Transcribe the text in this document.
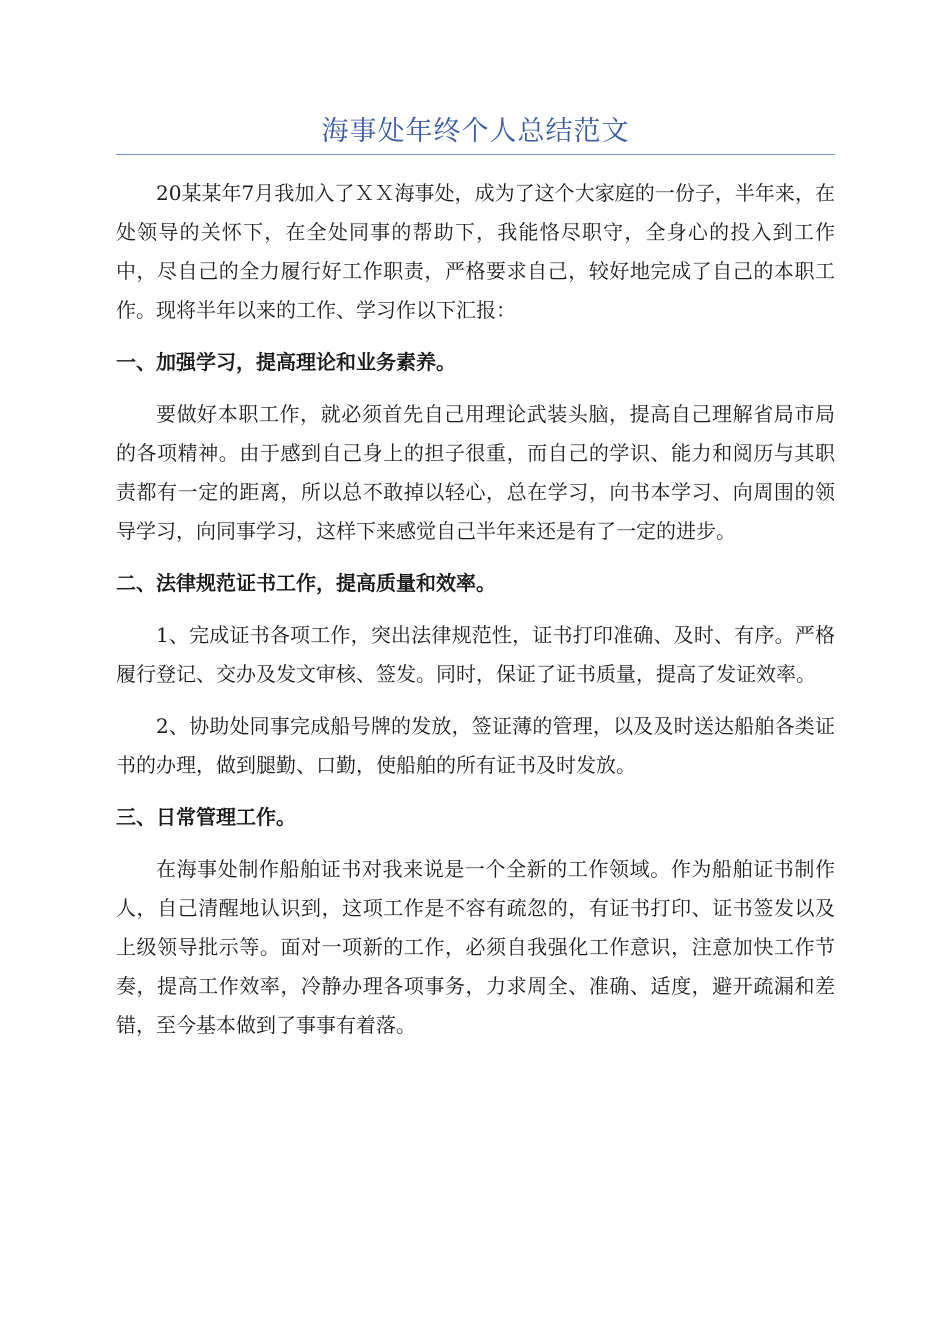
海事处年终个人总结范文

20某某年7月我加入了ＸＸ海事处，成为了这个大家庭的一份子，半年来，在处领导的关怀下，在全处同事的帮助下，我能恪尽职守，全身心的投入到工作中，尽自己的全力履行好工作职责，严格要求自己，较好地完成了自己的本职工作。现将半年以来的工作、学习作以下汇报：

一、加强学习，提高理论和业务素养。

要做好本职工作，就必须首先自己用理论武装头脑，提高自己理解省局市局的各项精神。由于感到自己身上的担子很重，而自己的学识、能力和阅历与其职责都有一定的距离，所以总不敢掉以轻心，总在学习，向书本学习、向周围的领导学习，向同事学习，这样下来感觉自己半年来还是有了一定的进步。

二、法律规范证书工作，提高质量和效率。

1、完成证书各项工作，突出法律规范性，证书打印准确、及时、有序。严格履行登记、交办及发文审核、签发。同时，保证了证书质量，提高了发证效率。

2、协助处同事完成船号牌的发放，签证薄的管理，以及及时送达船舶各类证书的办理，做到腿勤、口勤，使船舶的所有证书及时发放。

三、日常管理工作。

在海事处制作船舶证书对我来说是一个全新的工作领域。作为船舶证书制作人，自己清醒地认识到，这项工作是不容有疏忽的，有证书打印、证书签发以及上级领导批示等。面对一项新的工作，必须自我强化工作意识，注意加快工作节奏，提高工作效率，冷静办理各项事务，力求周全、准确、适度，避开疏漏和差错，至今基本做到了事事有着落。
